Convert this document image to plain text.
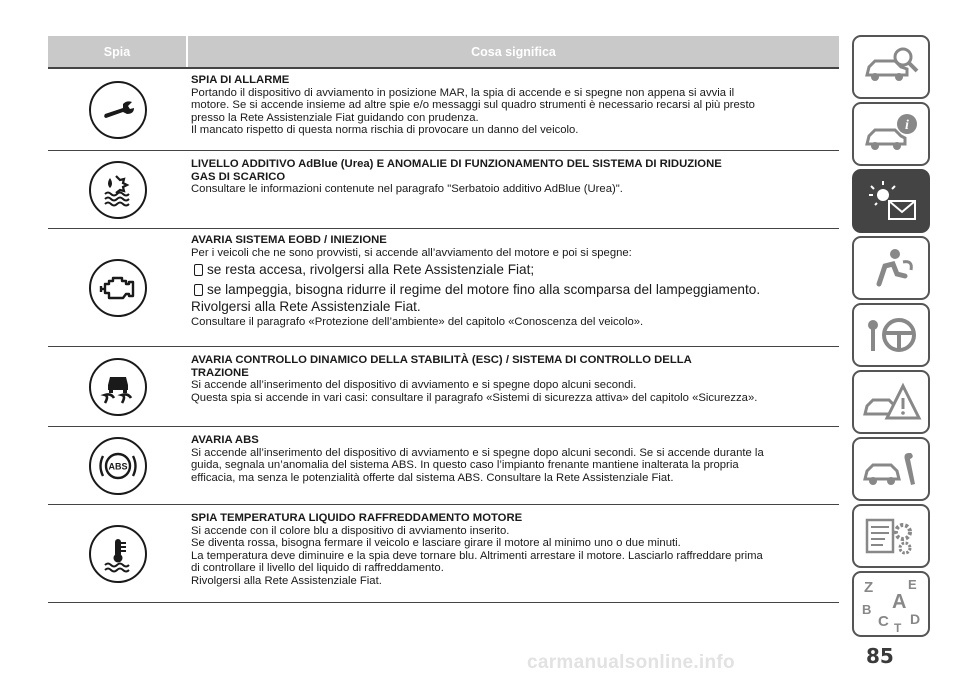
Spia	Cosa significa
SPIA DI ALLARME

Portando il dispositivo di avviamento in posizione MAR, la spia di accende e si spegne non appena si avvia il

motore. Se si accende insieme ad altre spie e/o messaggi sul quadro strumenti è necessario recarsi al più presto

presso la Rete Assistenziale Fiat guidando con prudenza.

Il mancato rispetto di questa norma rischia di provocare un danno del veicolo.

LIVELLO ADDITIVO AdBlue (Urea) E ANOMALIE DI FUNZIONAMENTO DEL SISTEMA DI RIDUZIONE
GAS DI SCARICO

Consultare le informazioni contenute nel paragrafo "Serbatoio additivo AdBlue (Urea)".

AVARIA SISTEMA EOBD / INIEZIONE

Per i veicoli che ne sono provvisti, si accende all’avviamento del motore e poi si spegne:

se resta accesa, rivolgersi alla Rete Assistenziale Fiat;
se lampeggia, bisogna ridurre il regime del motore fino alla scomparsa del lampeggiamento.

Rivolgersi alla Rete Assistenziale Fiat.

Consultare il paragrafo «Protezione dell’ambiente» del capitolo «Conoscenza del veicolo».

AVARIA CONTROLLO DINAMICO DELLA STABILITÀ (ESC) / SISTEMA DI CONTROLLO DELLA
TRAZIONE

Si accende all’inserimento del dispositivo di avviamento e si spegne dopo alcuni secondi.

Questa spia si accende in vari casi: consultare il paragrafo «Sistemi di sicurezza attiva» del capitolo «Sicurezza».

ABS
AVARIA ABS

Si accende all’inserimento del dispositivo di avviamento e si spegne dopo alcuni secondi. Se si accende durante la

guida, segnala un’anomalia del sistema ABS. In questo caso l’impianto frenante mantiene inalterata la propria

efficacia, ma senza le potenzialità offerte dal sistema ABS. Consultare la Rete Assistenziale Fiat.

SPIA TEMPERATURA LIQUIDO RAFFREDDAMENTO MOTORE

Si accende con il colore blu a dispositivo di avviamento inserito.

Se diventa rossa, bisogna fermare il veicolo e lasciare girare il motore al minimo uno o due minuti.

La temperatura deve diminuire e la spia deve tornare blu. Altrimenti arrestare il motore. Lasciarlo raffreddare prima

di controllare il livello del liquido di raffreddamento.

Rivolgersi alla Rete Assistenziale Fiat.

i
Z	E
A
B
C D
T
85
carmanualsonline.info
